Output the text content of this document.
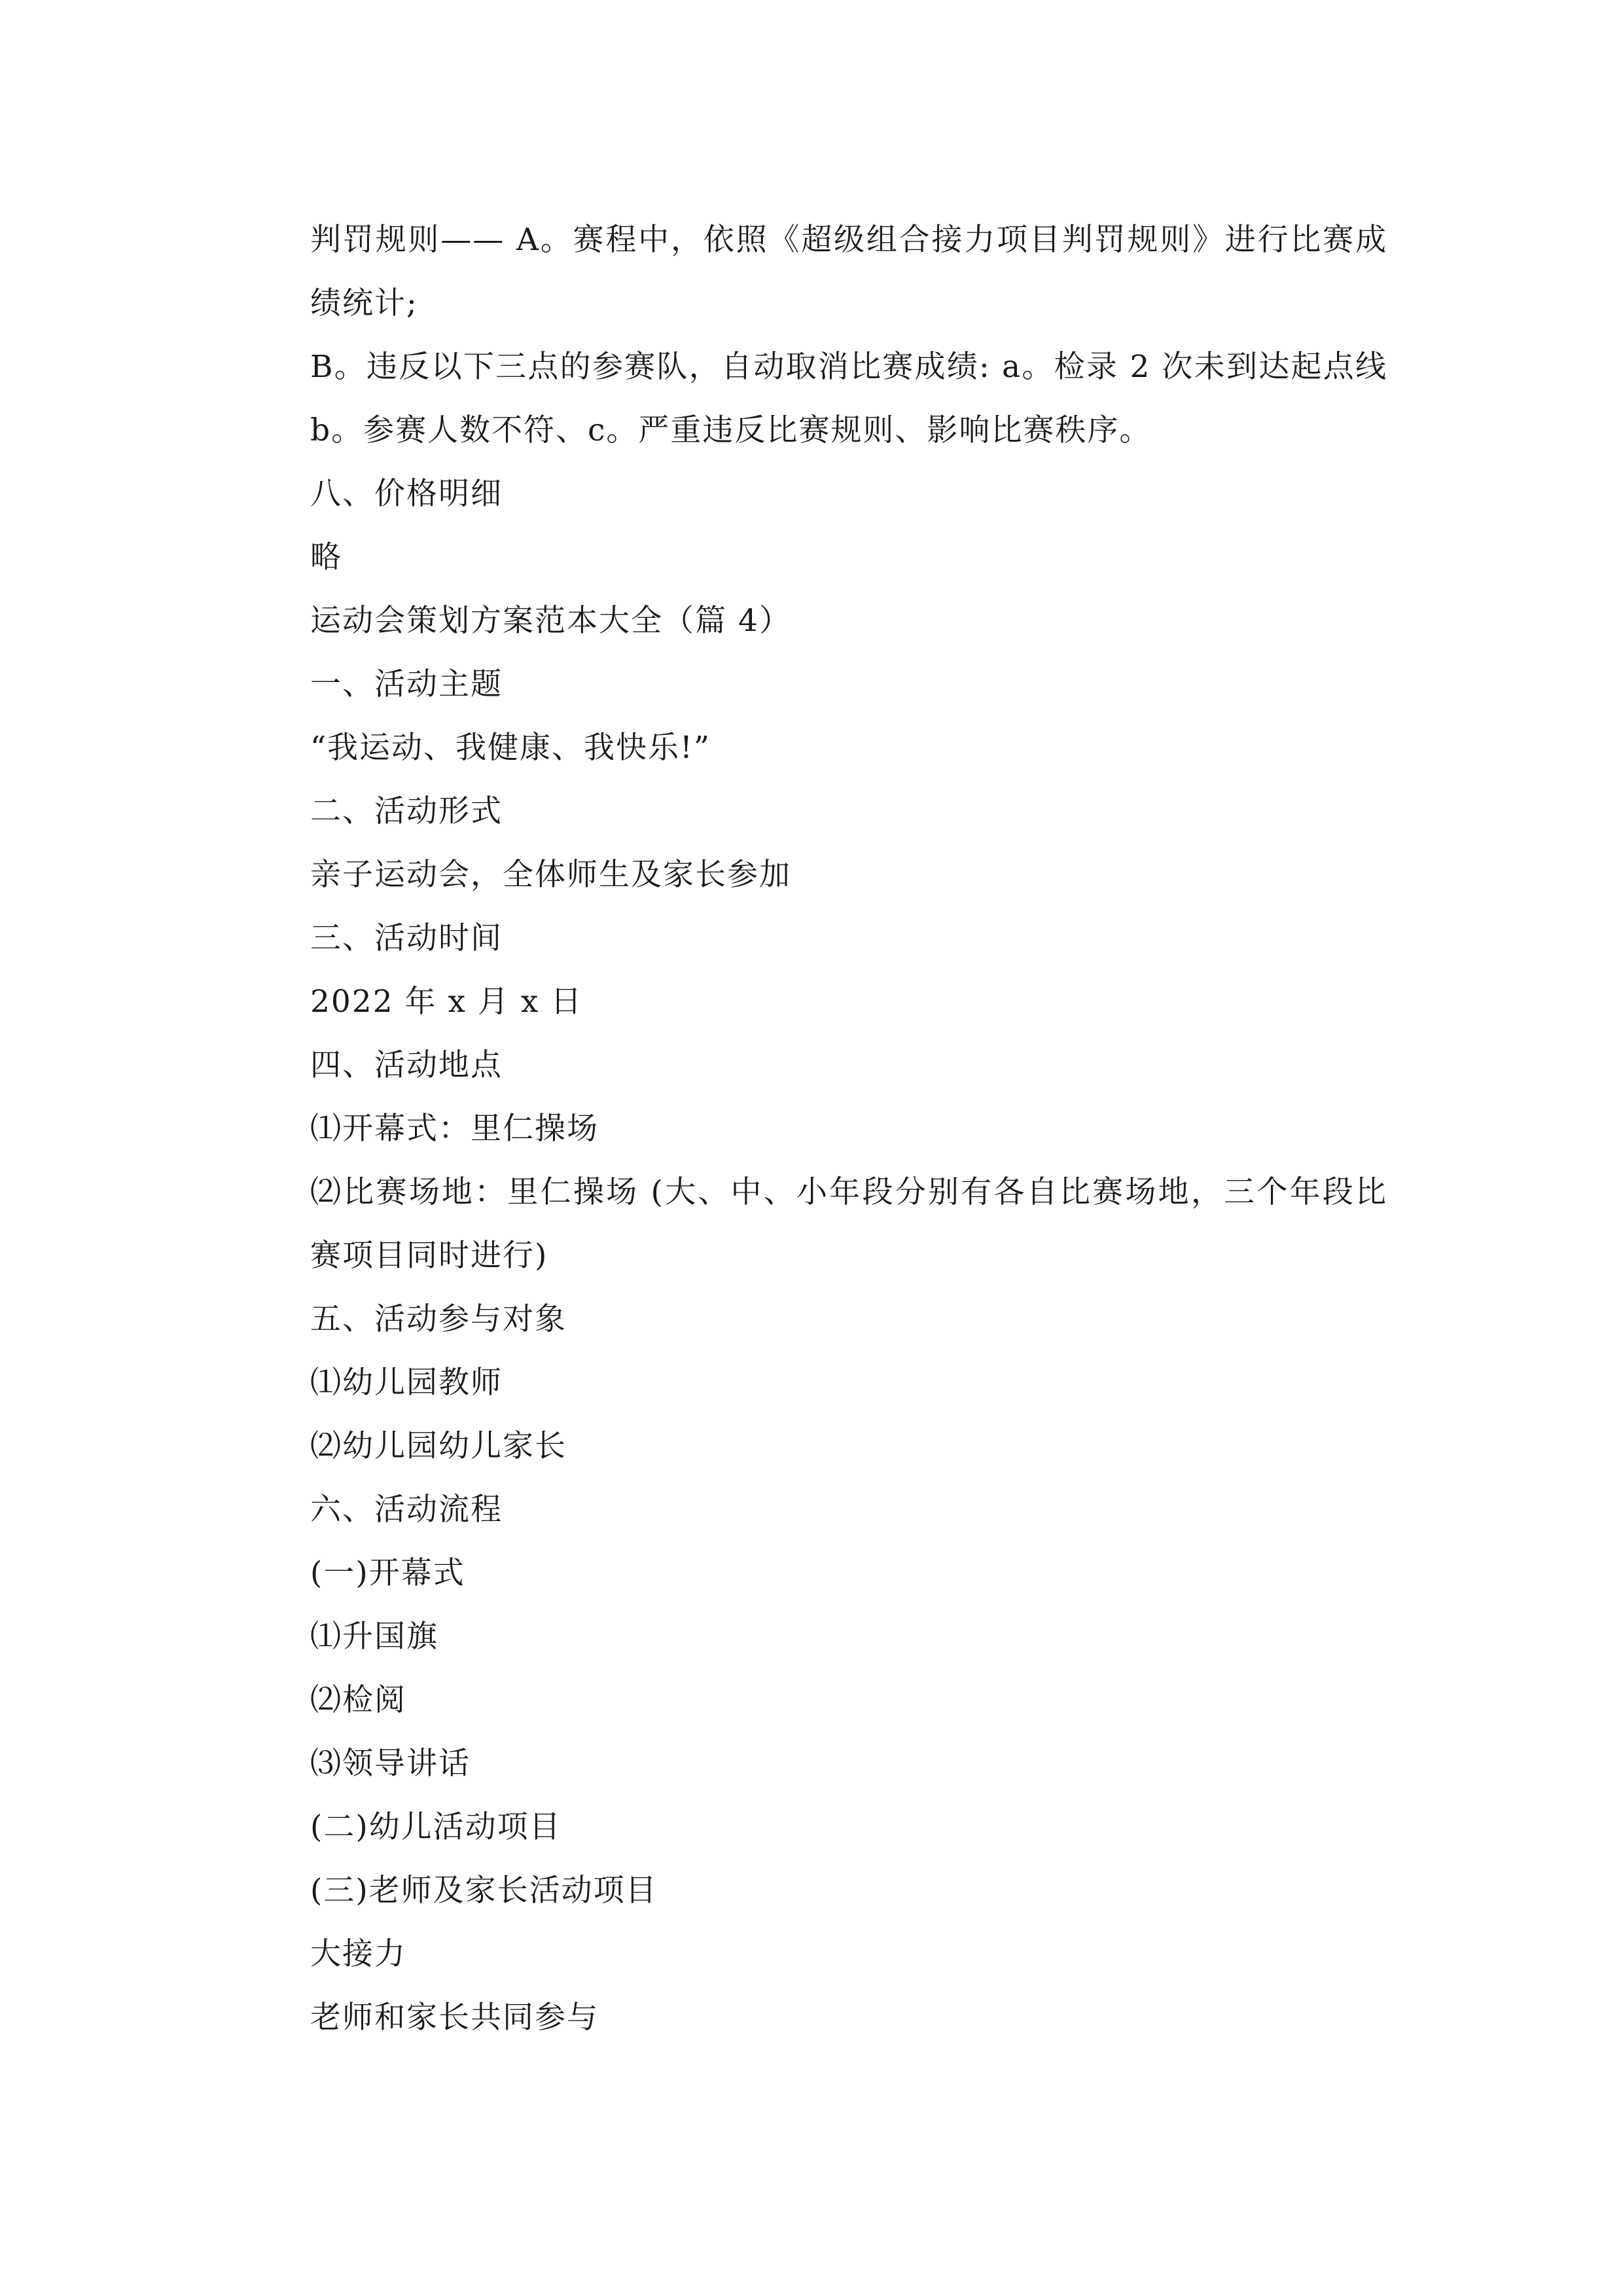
判罚规则—— A。赛程中，依照《超级组合接力项目判罚规则》进行比赛成绩统计;

B。违反以下三点的参赛队，自动取消比赛成绩: a。检录 2 次未到达起点线 b。参赛人数不符、c。严重违反比赛规则、影响比赛秩序。

八、价格明细

略

运动会策划方案范本大全（篇 4）

一、活动主题

“我运动、我健康、我快乐!”

二、活动形式

亲子运动会，全体师生及家长参加

三、活动时间

2022 年 x 月 x 日

四、活动地点

⑴开幕式：里仁操场

⑵比赛场地：里仁操场 (大、中、小年段分别有各自比赛场地，三个年段比赛项目同时进行)

五、活动参与对象

⑴幼儿园教师

⑵幼儿园幼儿家长

六、活动流程

(一)开幕式

⑴升国旗

⑵检阅

⑶领导讲话

(二)幼儿活动项目

(三)老师及家长活动项目

大接力

老师和家长共同参与
